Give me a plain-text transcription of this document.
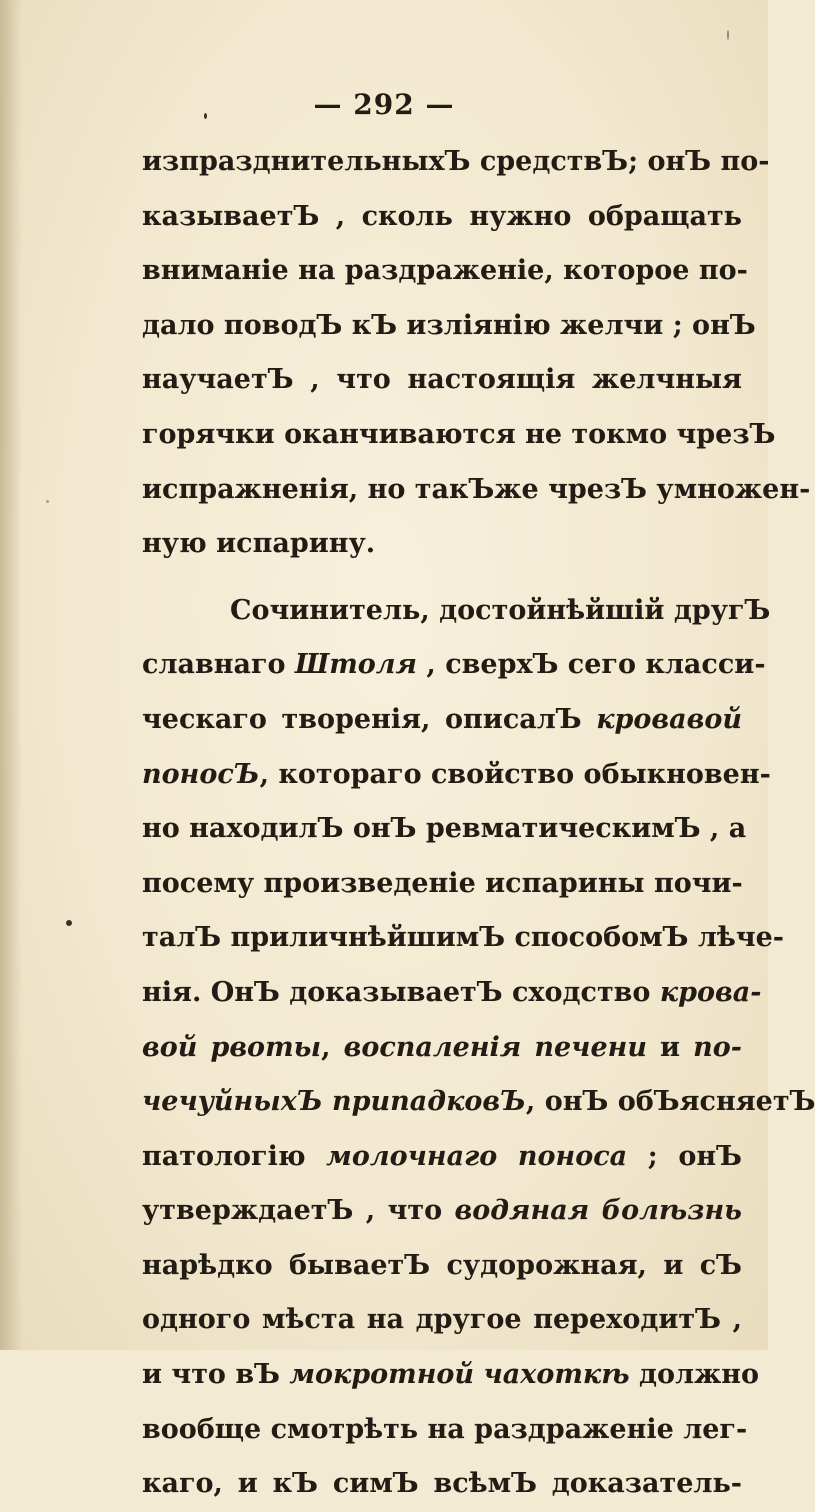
— 292 —
изпразднительныхЪ средствЪ; онЪ по-
казываетЪ , сколь нужно обращать
вниманіе на раздраженіе, которое по-
дало поводЪ кЪ излiянiю желчи ; онЪ
научаетЪ , что настоящія желчныя
горячки оканчиваются не токмо чрезЪ
испражненія, но такЪже чрезЪ умножен-
ную испарину.
Сочинитель, достойнѣйшій другЪ
славнаго Штоля , сверхЪ сего класси-
ческаго творенія, описалЪ кровавой
поносЪ, котораго свойство обыкновен-
но находилЪ онЪ ревматическимЪ , а
посему произведеніе испарины почи-
талЪ приличнѣйшимЪ способомЪ лѣче-
нія. ОнЪ доказываетЪ сходство крова-
вой рвоты, воспаленія печени и по-
чечуйныхЪ припадковЪ, онЪ обЪясняетЪ
патологію молочнаго поноса ; онЪ
утверждаетЪ , что водяная болѣзнь
нарѣдко бываетЪ судорожная, и сЪ
одного мѣста на другое переходитЪ ,
и что вЪ мокротной чахоткѣ должно
вообще смотрѣть на раздраженіе лег-
каго, и кЪ симЪ всѣмЪ доказатель-
